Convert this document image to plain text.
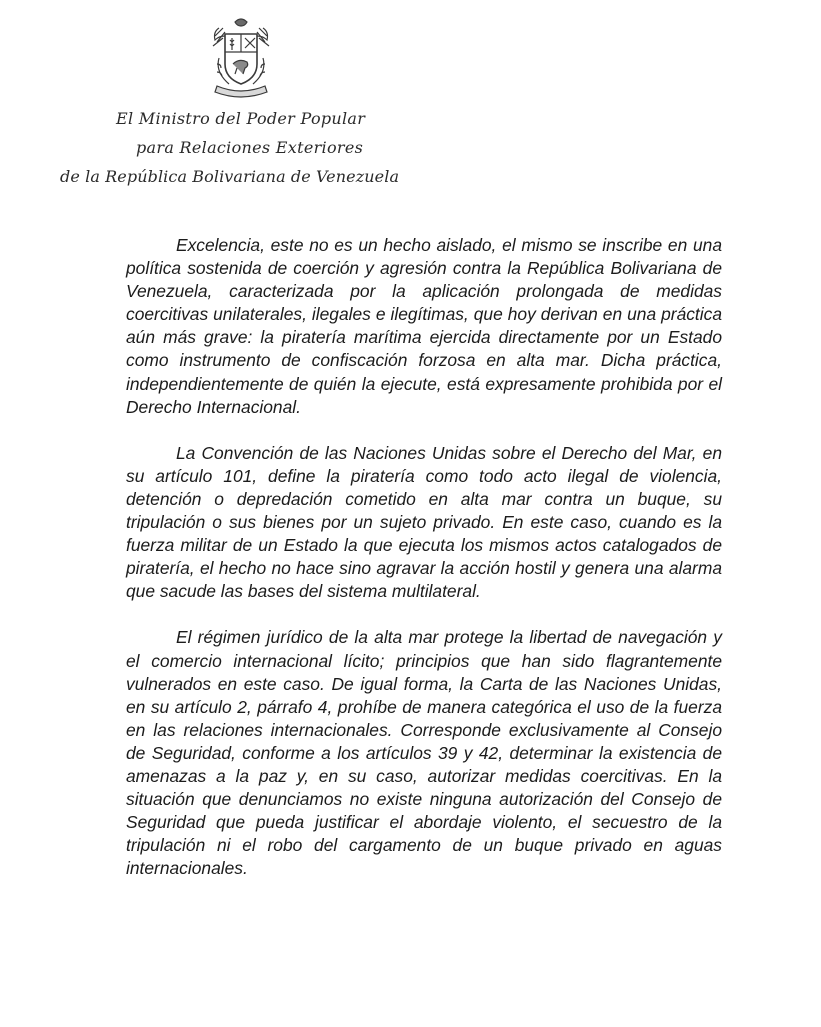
El Ministro del Poder Popular
para Relaciones Exteriores
de la República Bolivariana de Venezuela

Excelencia, este no es un hecho aislado, el mismo se inscribe en una política sostenida de coerción y agresión contra la República Bolivariana de Venezuela, caracterizada por la aplicación prolongada de medidas coercitivas unilaterales, ilegales e ilegítimas, que hoy derivan en una práctica aún más grave: la piratería marítima ejercida directamente por un Estado como instrumento de confiscación forzosa en alta mar. Dicha práctica, independientemente de quién la ejecute, está expresamente prohibida por el Derecho Internacional.

La Convención de las Naciones Unidas sobre el Derecho del Mar, en su artículo 101, define la piratería como todo acto ilegal de violencia, detención o depredación cometido en alta mar contra un buque, su tripulación o sus bienes por un sujeto privado. En este caso, cuando es la fuerza militar de un Estado la que ejecuta los mismos actos catalogados de piratería, el hecho no hace sino agravar la acción hostil y genera una alarma que sacude las bases del sistema multilateral.

El régimen jurídico de la alta mar protege la libertad de navegación y el comercio internacional lícito; principios que han sido flagrantemente vulnerados en este caso. De igual forma, la Carta de las Naciones Unidas, en su artículo 2, párrafo 4, prohíbe de manera categórica el uso de la fuerza en las relaciones internacionales. Corresponde exclusivamente al Consejo de Seguridad, conforme a los artículos 39 y 42, determinar la existencia de amenazas a la paz y, en su caso, autorizar medidas coercitivas. En la situación que denunciamos no existe ninguna autorización del Consejo de Seguridad que pueda justificar el abordaje violento, el secuestro de la tripulación ni el robo del cargamento de un buque privado en aguas internacionales.
